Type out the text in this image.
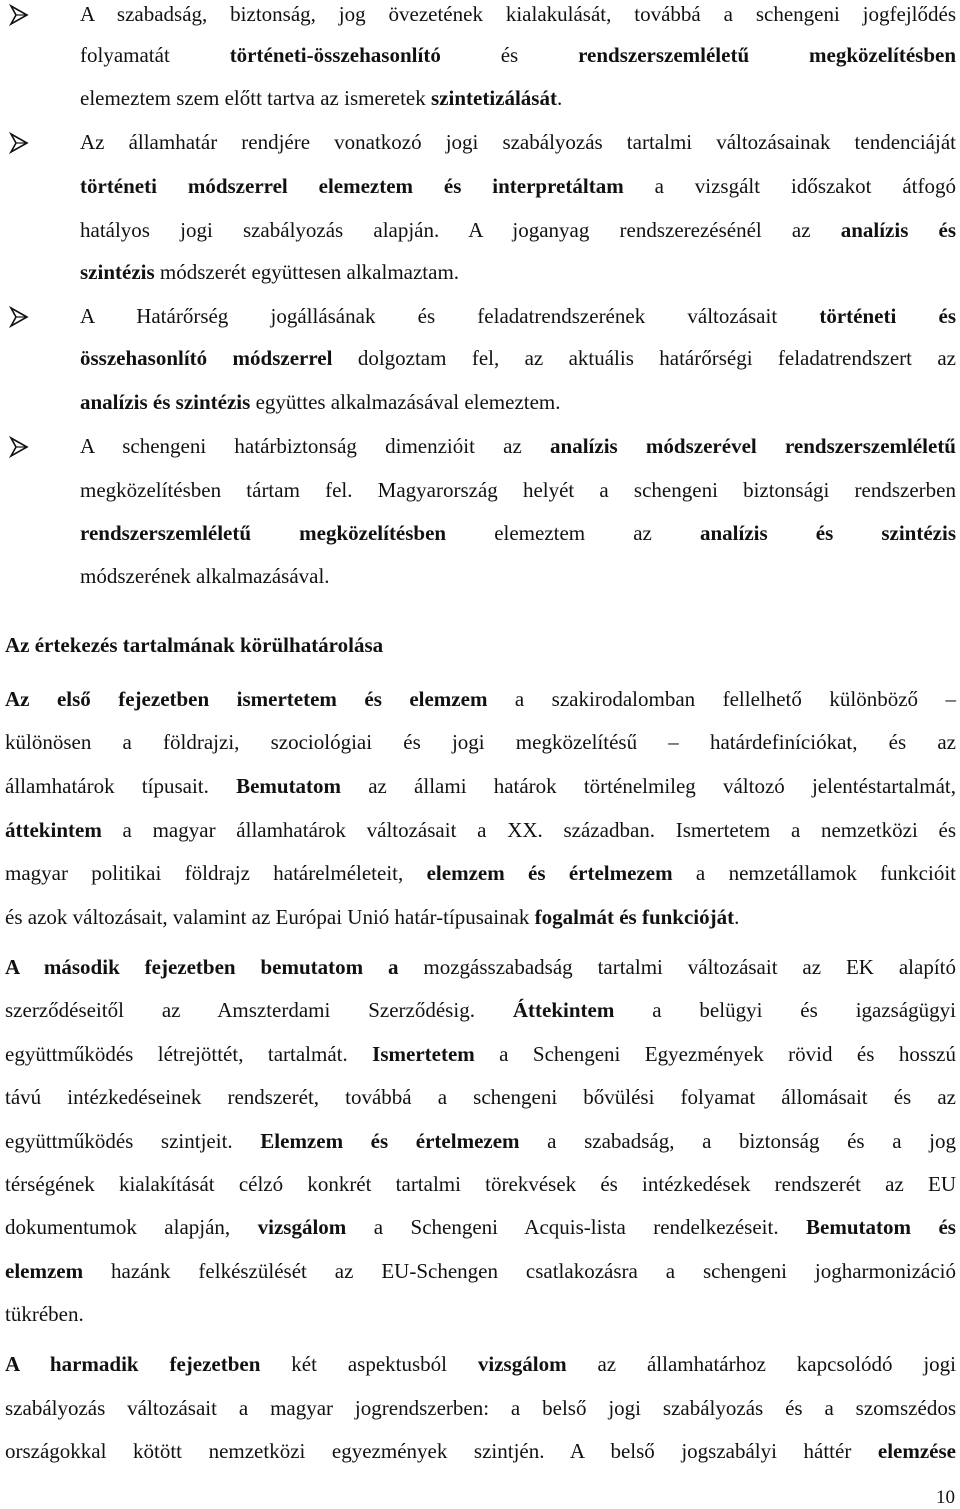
A szabadság, biztonság, jog övezetének kialakulását, továbbá a schengeni jogfejlődés
folyamatát történeti-összehasonlító és rendszerszemléletű	megközelítésben
elemeztem szem előtt tartva az ismeretek szintetizálását.
Az államhatár rendjére vonatkozó jogi szabályozás tartalmi változásainak tendenciáját
történeti módszerrel elemeztem és interpretáltam a vizsgált időszakot átfogó
hatályos jogi szabályozás alapján. A joganyag rendszerezésénél az analízis és
szintézis módszerét együttesen alkalmaztam.
A Határőrség jogállásának és feladatrendszerének változásait történeti és
összehasonlító módszerrel dolgoztam fel, az aktuális határőrségi feladatrendszert az
analízis és szintézis együttes alkalmazásával elemeztem.
A schengeni határbiztonság dimenzióit az analízis módszerével rendszerszemléletű
megközelítésben tártam fel. Magyarország helyét a schengeni biztonsági rendszerben
rendszerszemléletű megközelítésben elemeztem az analízis és szintézis
módszerének alkalmazásával.
Az értekezés tartalmának körülhatárolása
Az első fejezetben ismertetem és elemzem a szakirodalomban fellelhető különböző –
különösen a földrajzi, szociológiai és jogi megközelítésű – határdefiníciókat, és az
államhatárok típusait. Bemutatom az állami határok történelmileg változó jelentéstartalmát,
áttekintem a magyar államhatárok változásait a XX. században. Ismertetem a nemzetközi és
magyar politikai földrajz határelméleteit, elemzem és értelmezem a nemzetállamok funkcióit
és azok változásait, valamint az Európai Unió határ-típusainak fogalmát és funkcióját.
A második fejezetben bemutatom a mozgásszabadság tartalmi változásait az EK alapító
szerződéseitől az Amszterdami Szerződésig. Áttekintem a belügyi és igazságügyi
együttműködés létrejöttét, tartalmát. Ismertetem a Schengeni Egyezmények rövid és hosszú
távú intézkedéseinek rendszerét, továbbá a schengeni bővülési folyamat állomásait és az
együttműködés szintjeit. Elemzem és értelmezem a szabadság, a biztonság és a jog
térségének kialakítását célzó konkrét tartalmi törekvések és intézkedések rendszerét az EU
dokumentumok alapján, vizsgálom a Schengeni Acquis-lista rendelkezéseit. Bemutatom és
elemzem hazánk felkészülését az EU-Schengen csatlakozásra a schengeni jogharmonizáció
tükrében.
A harmadik fejezetben két aspektusból vizsgálom az államhatárhoz kapcsolódó jogi
szabályozás változásait a magyar jogrendszerben: a belső jogi szabályozás és a szomszédos
országokkal kötött nemzetközi egyezmények szintjén. A belső jogszabályi háttér elemzése
10
